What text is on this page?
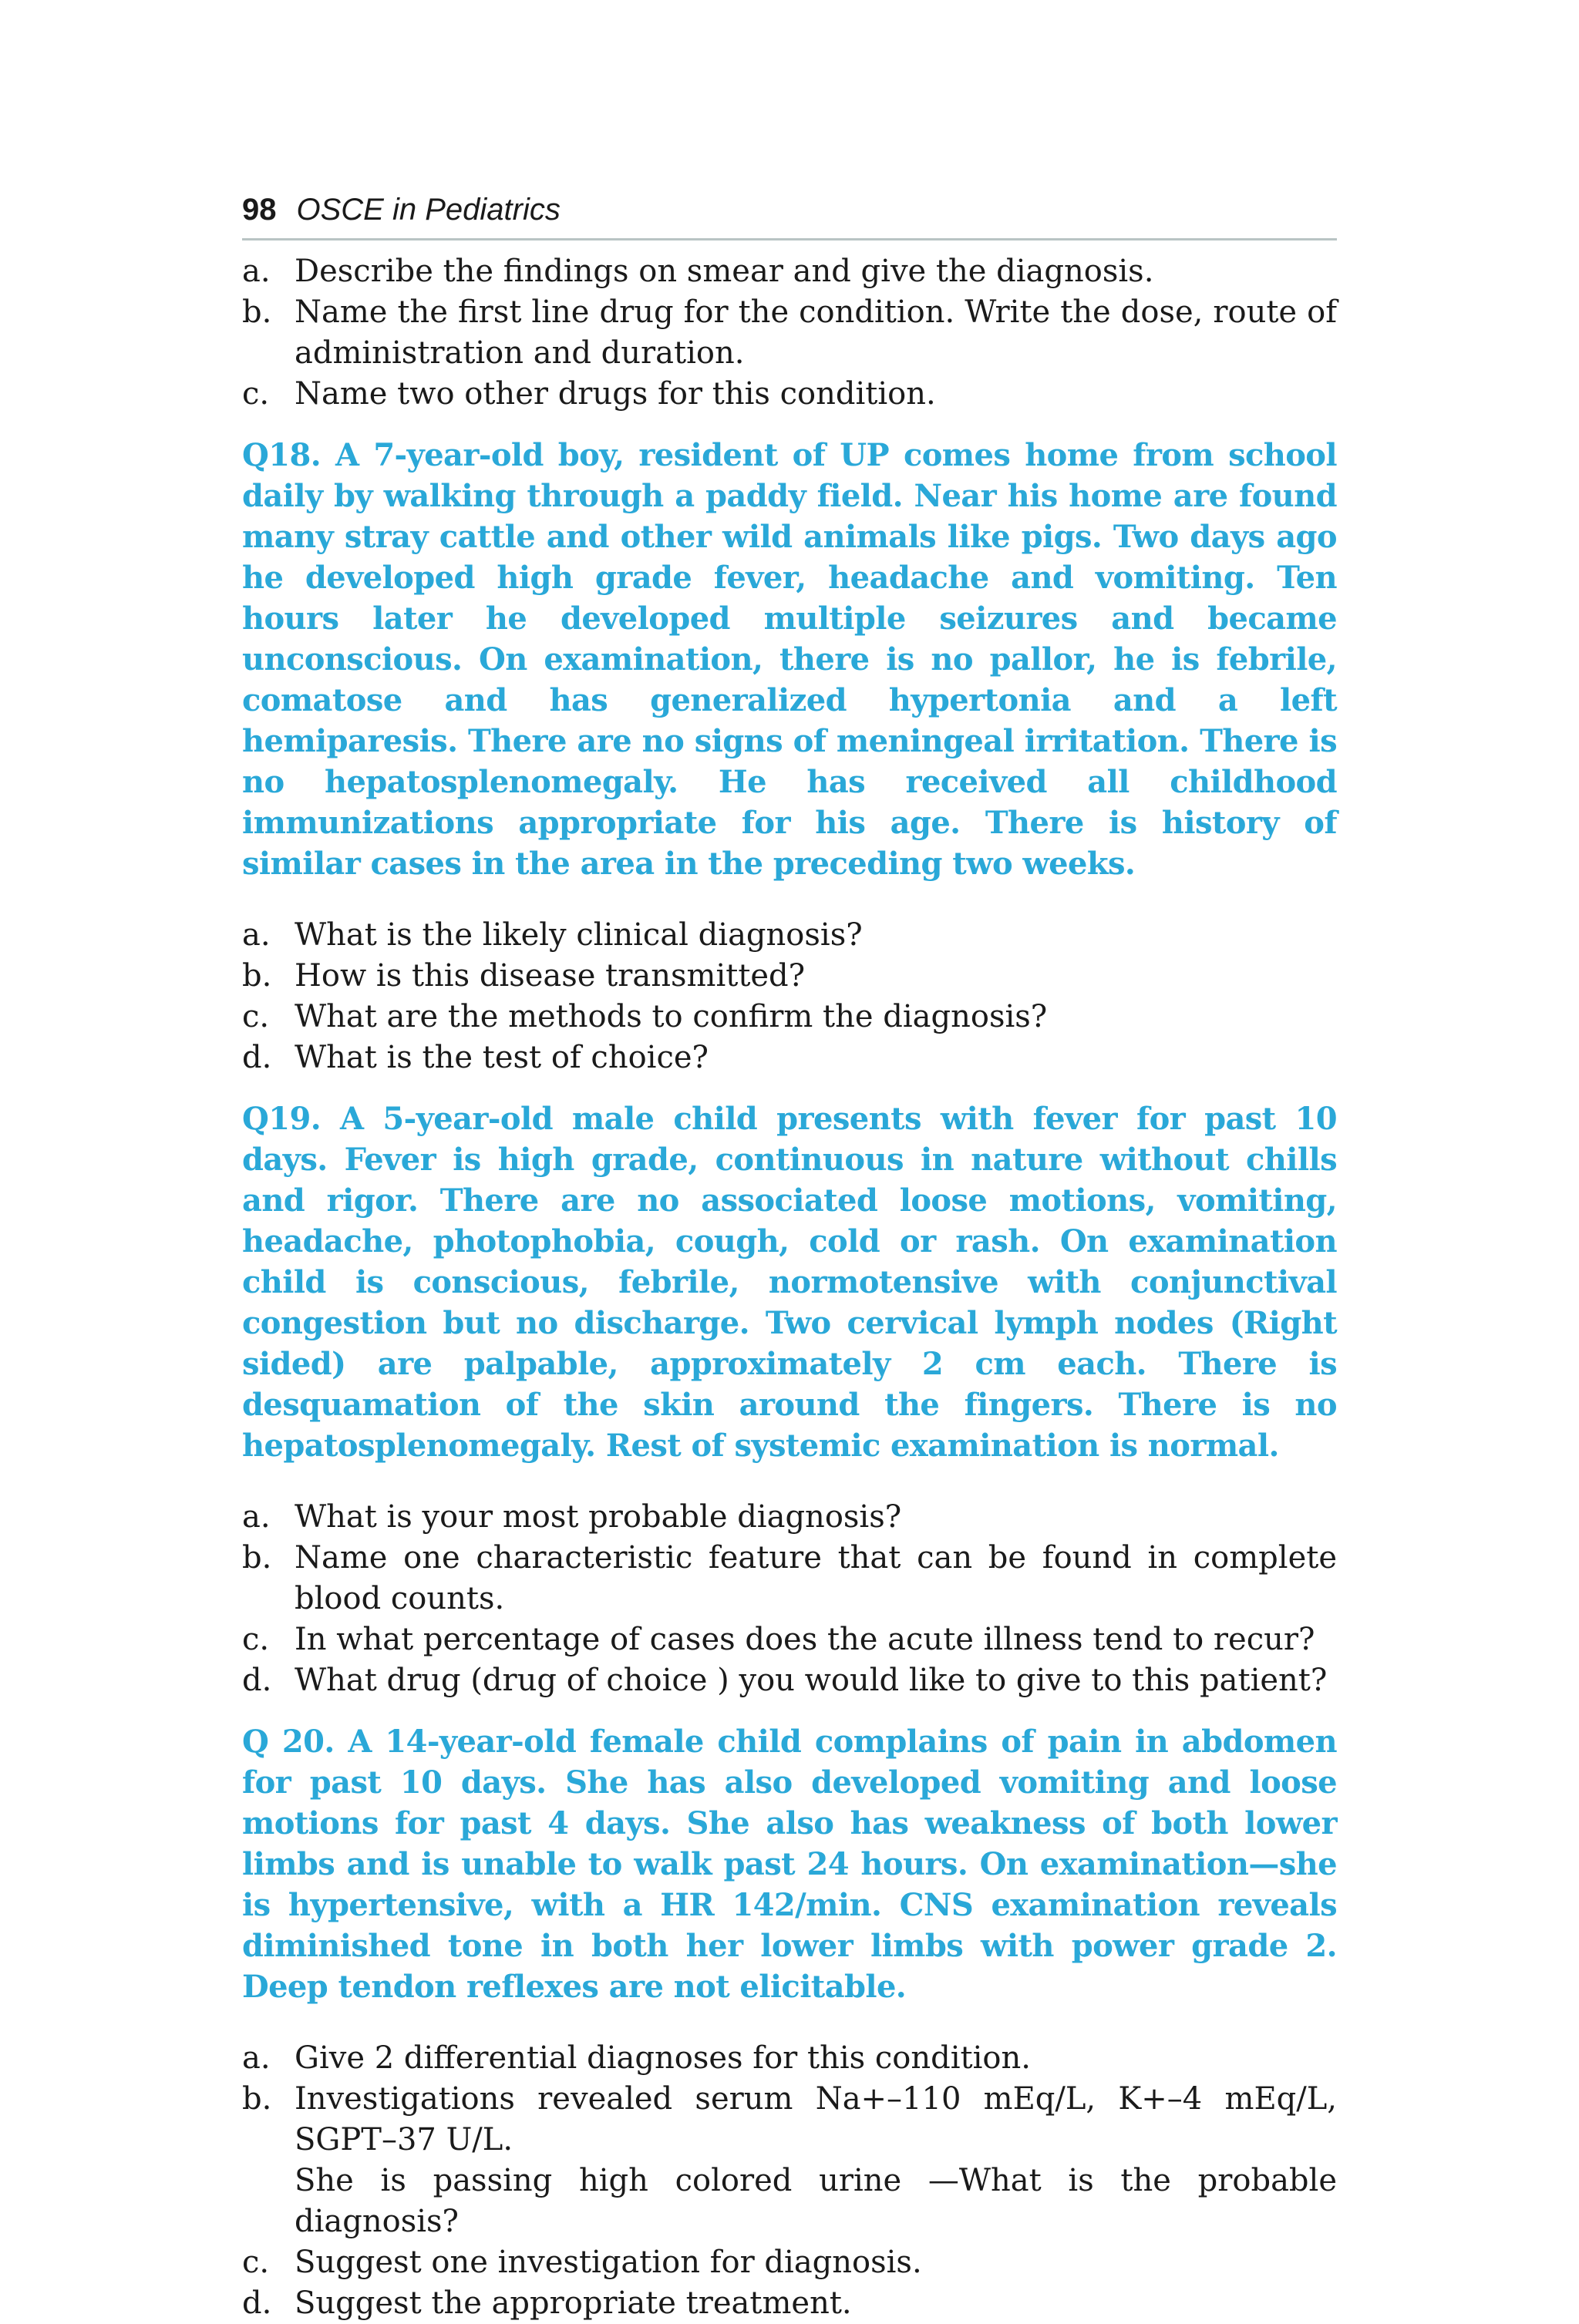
98 OSCE in Pediatrics
a. Describe the findings on smear and give the diagnosis.
b. Name the first line drug for the condition. Write the dose, route of administration and duration.
c. Name two other drugs for this condition.

Q18. A 7-year-old boy, resident of UP comes home from school daily by walking through a paddy field. Near his home are found many stray cattle and other wild animals like pigs. Two days ago he developed high grade fever, headache and vomiting. Ten hours later he developed multiple seizures and became unconscious. On examination, there is no pallor, he is febrile, comatose and has generalized hypertonia and a left hemiparesis. There are no signs of meningeal irritation. There is no hepatosplenomegaly. He has received all childhood immunizations appropriate for his age. There is history of similar cases in the area in the preceding two weeks.

a. What is the likely clinical diagnosis?
b. How is this disease transmitted?
c. What are the methods to confirm the diagnosis?
d. What is the test of choice?

Q19. A 5-year-old male child presents with fever for past 10 days. Fever is high grade, continuous in nature without chills and rigor. There are no associated loose motions, vomiting, headache, photophobia, cough, cold or rash. On examination child is conscious, febrile, normotensive with conjunctival congestion but no discharge. Two cervical lymph nodes (Right sided) are palpable, approximately 2 cm each. There is desquamation of the skin around the fingers. There is no hepatosplenomegaly. Rest of systemic examination is normal.

a. What is your most probable diagnosis?
b. Name one characteristic feature that can be found in complete blood counts.
c. In what percentage of cases does the acute illness tend to recur?
d. What drug (drug of choice ) you would like to give to this patient?

Q 20. A 14-year-old female child complains of pain in abdomen for past 10 days. She has also developed vomiting and loose motions for past 4 days. She also has weakness of both lower limbs and is unable to walk past 24 hours. On examination—she is hypertensive, with a HR 142/min. CNS examination reveals diminished tone in both her lower limbs with power grade 2. Deep tendon reflexes are not elicitable.

a. Give 2 differential diagnoses for this condition.
b. Investigations revealed serum Na+–110 mEq/L, K+–4 mEq/L, SGPT–37 U/L.
She is passing high colored urine —What is the probable diagnosis?
c. Suggest one investigation for diagnosis.
d. Suggest the appropriate treatment.
